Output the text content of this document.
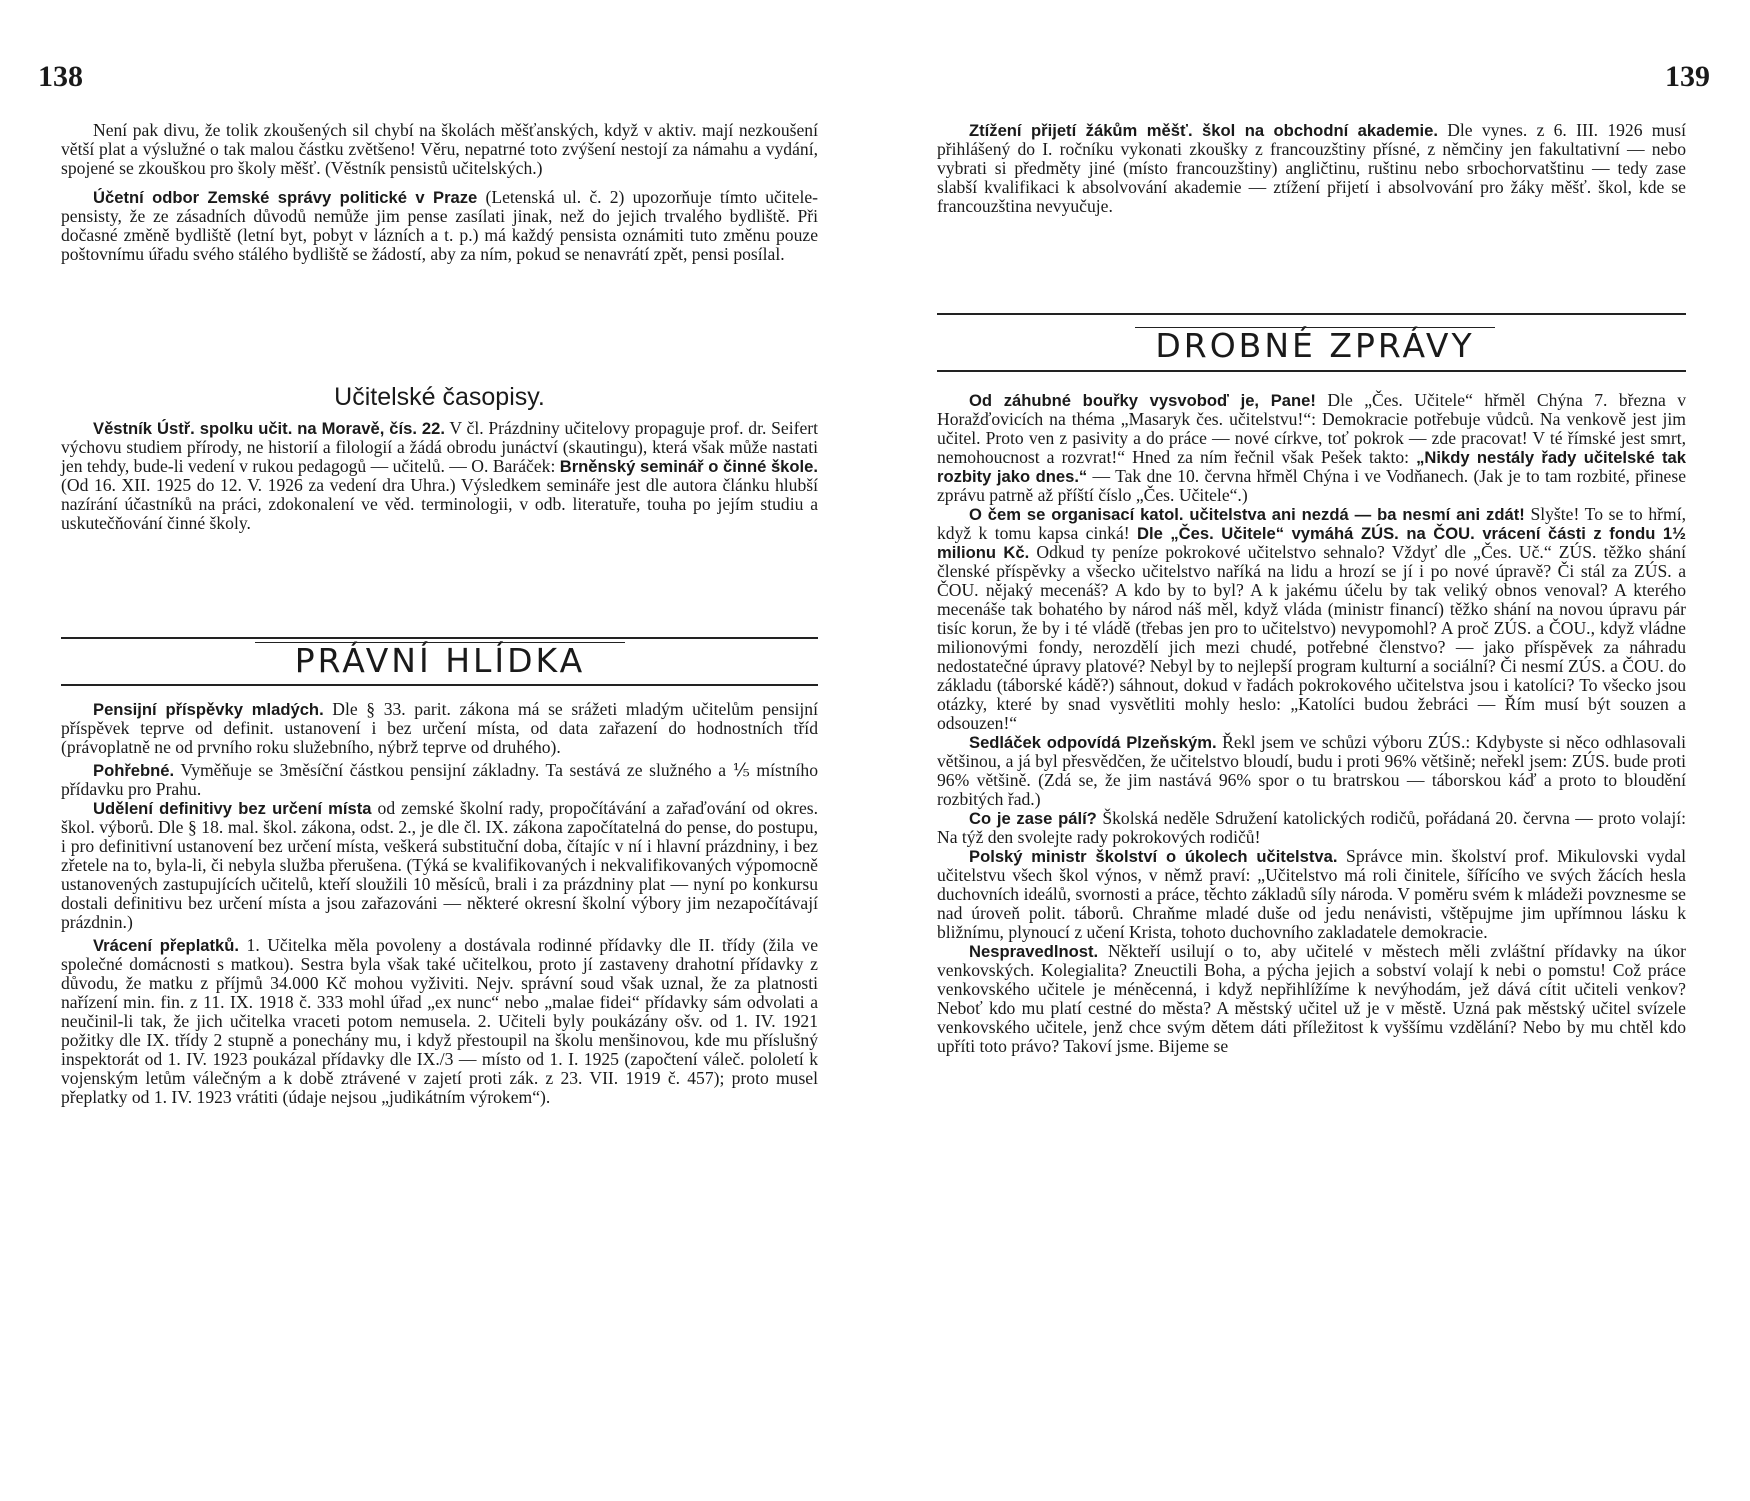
138

Není pak divu, že tolik zkoušených sil chybí na školách měšťanských, když v aktiv. mají nezkoušení větší plat a výslužné o tak malou částku zvětšeno! Věru, nepatrné toto zvýšení nestojí za námahu a vydání, spojené se zkouškou pro školy měšť. (Věstník pensistů učitelských.)

Účetní odbor Zemské správy politické v Praze (Letenská ul. č. 2) upozorňuje tímto učitele-pensisty, že ze zásadních důvodů nemůže jim pense zasílati jinak, než do jejich trvalého bydliště. Při dočasné změně bydliště (letní byt, pobyt v lázních a t. p.) má každý pensista oznámiti tuto změnu pouze poštovnímu úřadu svého stálého bydliště se žádostí, aby za ním, pokud se nenavrátí zpět, pensi posílal.

Učitelské časopisy.

Věstník Ústř. spolku učit. na Moravě, čís. 22. V čl. Prázdniny učitelovy propaguje prof. dr. Seifert výchovu studiem přírody, ne historií a filologií a žádá obrodu junáctví (skautingu), která však může nastati jen tehdy, bude-li vedení v rukou pedagogů — učitelů. — O. Baráček: Brněnský seminář o činné škole. (Od 16. XII. 1925 do 12. V. 1926 za vedení dra Uhra.) Výsledkem semináře jest dle autora článku hlubší nazírání účastníků na práci, zdokonalení ve věd. terminologii, v odb. literatuře, touha po jejím studiu a uskutečňování činné školy.

PRÁVNÍ HLÍDKA

Pensijní příspěvky mladých. Dle § 33. parit. zákona má se srážeti mladým učitelům pensijní příspěvek teprve od definit. ustanovení i bez určení místa, od data zařazení do hodnostních tříd (právoplatně ne od prvního roku služebního, nýbrž teprve od druhého).

Pohřebné. Vyměňuje se 3měsíční částkou pensijní základny. Ta sestává ze služného a ⅕ místního přídavku pro Prahu.

Udělení definitivy bez určení místa od zemské školní rady, propočítávání a zařaďování od okres. škol. výborů. Dle § 18. mal. škol. zákona, odst. 2., je dle čl. IX. zákona započítatelná do pense, do postupu, i pro definitivní ustanovení bez určení místa, veškerá substituční doba, čítajíc v ní i hlavní prázdniny, i bez zřetele na to, byla-li, či nebyla služba přerušena. (Týká se kvalifikovaných i nekvalifikovaných výpomocně ustanovených zastupujících učitelů, kteří sloužili 10 měsíců, brali i za prázdniny plat — nyní po konkursu dostali definitivu bez určení místa a jsou zařazováni — některé okresní školní výbory jim nezapočítávají prázdnin.)

Vrácení přeplatků. 1. Učitelka měla povoleny a dostávala rodinné přídavky dle II. třídy (žila ve společné domácnosti s matkou). Sestra byla však také učitelkou, proto jí zastaveny drahotní přídavky z důvodu, že matku z příjmů 34.000 Kč mohou vyživiti. Nejv. správní soud však uznal, že za platnosti nařízení min. fin. z 11. IX. 1918 č. 333 mohl úřad „ex nunc“ nebo „malae fidei“ přídavky sám odvolati a neučinil-li tak, že jich učitelka vraceti potom nemusela. 2. Učiteli byly poukázány ošv. od 1. IV. 1921 požitky dle IX. třídy 2 stupně a ponechány mu, i když přestoupil na školu menšinovou, kde mu příslušný inspektorát od 1. IV. 1923 poukázal přídavky dle IX./3 — místo od 1. I. 1925 (započtení váleč. pololetí k vojenským letům válečným a k době ztrávené v zajetí proti zák. z 23. VII. 1919 č. 457); proto musel přeplatky od 1. IV. 1923 vrátiti (údaje nejsou „judikátním výrokem“).

139

Ztížení přijetí žákům měšť. škol na obchodní akademie. Dle vynes. z 6. III. 1926 musí přihlášený do I. ročníku vykonati zkoušky z francouzštiny přísné, z němčiny jen fakultativní — nebo vybrati si předměty jiné (místo francouzštiny) angličtinu, ruštinu nebo srbochorvatštinu — tedy zase slabší kvalifikaci k absolvování akademie — ztížení přijetí i absolvování pro žáky měšť. škol, kde se francouzština nevyučuje.

DROBNÉ ZPRÁVY

Od záhubné bouřky vysvoboď je, Pane! Dle „Čes. Učitele“ hřměl Chýna 7. března v Horažďovicích na théma „Masaryk čes. učitelstvu!“: Demokracie potřebuje vůdců. Na venkově jest jim učitel. Proto ven z pasivity a do práce — nové církve, toť pokrok — zde pracovat! V té římské jest smrt, nemohoucnost a rozvrat!“ Hned za ním řečnil však Pešek takto: „Nikdy nestály řady učitelské tak rozbity jako dnes.“ — Tak dne 10. června hřměl Chýna i ve Vodňanech. (Jak je to tam rozbité, přinese zprávu patrně až příští číslo „Čes. Učitele“.)

O čem se organisací katol. učitelstva ani nezdá — ba nesmí ani zdát! Slyšte! To se to hřmí, když k tomu kapsa cinká! Dle „Čes. Učitele“ vymáhá ZÚS. na ČOU. vrácení části z fondu 1½ milionu Kč. Odkud ty peníze pokrokové učitelstvo sehnalo? Vždyť dle „Čes. Uč.“ ZÚS. těžko shání členské příspěvky a všecko učitelstvo naříká na lidu a hrozí se jí i po nové úpravě? Či stál za ZÚS. a ČOU. nějaký mecenáš? A kdo by to byl? A k jakému účelu by tak veliký obnos venoval? A kterého mecenáše tak bohatého by národ náš měl, když vláda (ministr financí) těžko shání na novou úpravu pár tisíc korun, že by i té vládě (třebas jen pro to učitelstvo) nevypomohl? A proč ZÚS. a ČOU., když vládne milionovými fondy, nerozdělí jich mezi chudé, potřebné členstvo? — jako příspěvek za náhradu nedostatečné úpravy platové? Nebyl by to nejlepší program kulturní a sociální? Či nesmí ZÚS. a ČOU. do základu (táborské kádě?) sáhnout, dokud v řadách pokrokového učitelstva jsou i katolíci? To všecko jsou otázky, které by snad vysvětliti mohly heslo: „Katolíci budou žebráci — Řím musí být souzen a odsouzen!“

Sedláček odpovídá Plzeňským. Řekl jsem ve schůzi výboru ZÚS.: Kdybyste si něco odhlasovali většinou, a já byl přesvědčen, že učitelstvo bloudí, budu i proti 96% většině; neřekl jsem: ZÚS. bude proti 96% většině. (Zdá se, že jim nastává 96% spor o tu bratrskou — táborskou káď a proto to bloudění rozbitých řad.)

Co je zase pálí? Školská neděle Sdružení katolických rodičů, pořádaná 20. června — proto volají: Na týž den svolejte rady pokrokových rodičů!

Polský ministr školství o úkolech učitelstva. Správce min. školství prof. Mikulovski vydal učitelstvu všech škol výnos, v němž praví: „Učitelstvo má roli činitele, šířícího ve svých žácích hesla duchovních ideálů, svornosti a práce, těchto základů síly národa. V poměru svém k mládeži povznesme se nad úroveň polit. táborů. Chraňme mladé duše od jedu nenávisti, vštěpujme jim upřímnou lásku k bližnímu, plynoucí z učení Krista, tohoto duchovního zakladatele demokracie.

Nespravedlnost. Někteří usilují o to, aby učitelé v městech měli zvláštní přídavky na úkor venkovských. Kolegialita? Zneuctili Boha, a pýcha jejich a sobství volají k nebi o pomstu! Což práce venkovského učitele je méněcenná, i když nepřihlížíme k nevýhodám, jež dává cítit učiteli venkov? Neboť kdo mu platí cestné do města? A městský učitel už je v městě. Uzná pak městský učitel svízele venkovského učitele, jenž chce svým dětem dáti příležitost k vyššímu vzdělání? Nebo by mu chtěl kdo upříti toto právo? Takoví jsme. Bijeme se
